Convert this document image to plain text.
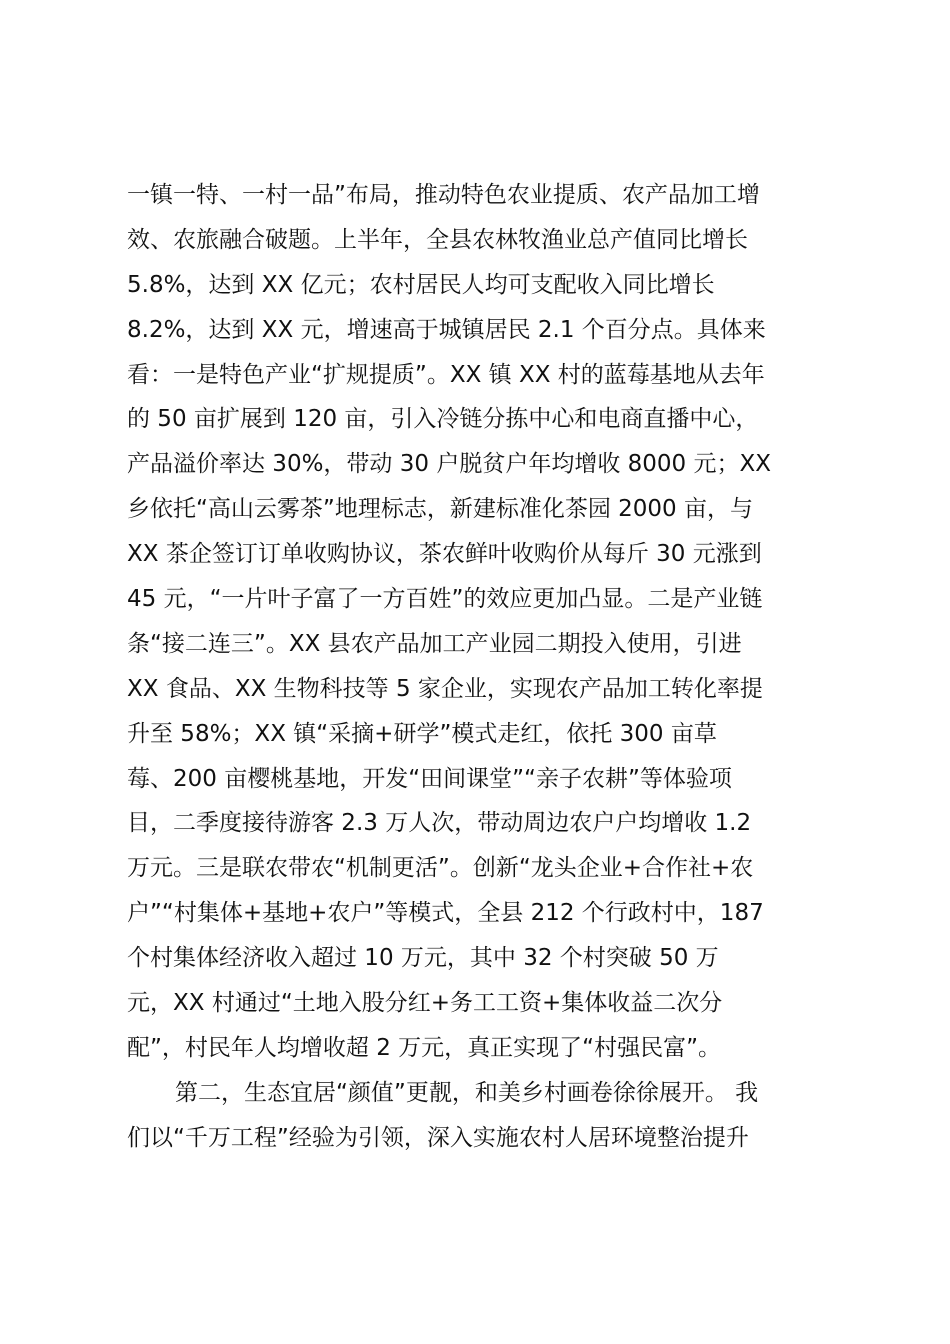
一镇一特、一村一品”布局，推动特色农业提质、农产品加工增
效、农旅融合破题。上半年，全县农林牧渔业总产值同比增长
5.8%，达到 XX 亿元；农村居民人均可支配收入同比增长
8.2%，达到 XX 元，增速高于城镇居民 2.1 个百分点。具体来
看：一是特色产业“扩规提质”。XX 镇 XX 村的蓝莓基地从去年
的 50 亩扩展到 120 亩，引入冷链分拣中心和电商直播中心，
产品溢价率达 30%，带动 30 户脱贫户年均增收 8000 元；XX
乡依托“高山云雾茶”地理标志，新建标准化茶园 2000 亩，与
XX 茶企签订订单收购协议，茶农鲜叶收购价从每斤 30 元涨到
45 元，“一片叶子富了一方百姓”的效应更加凸显。二是产业链
条“接二连三”。XX 县农产品加工产业园二期投入使用，引进
XX 食品、XX 生物科技等 5 家企业，实现农产品加工转化率提
升至 58%；XX 镇“采摘+研学”模式走红，依托 300 亩草
莓、200 亩樱桃基地，开发“田间课堂”“亲子农耕”等体验项
目，二季度接待游客 2.3 万人次，带动周边农户户均增收 1.2
万元。三是联农带农“机制更活”。创新“龙头企业+合作社+农
户”“村集体+基地+农户”等模式，全县 212 个行政村中，187
个村集体经济收入超过 10 万元，其中 32 个村突破 50 万
元，XX 村通过“土地入股分红+务工工资+集体收益二次分
配”，村民年人均增收超 2 万元，真正实现了“村强民富”。
第二，生态宜居“颜值”更靓，和美乡村画卷徐徐展开。 我
们以“千万工程”经验为引领，深入实施农村人居环境整治提升
